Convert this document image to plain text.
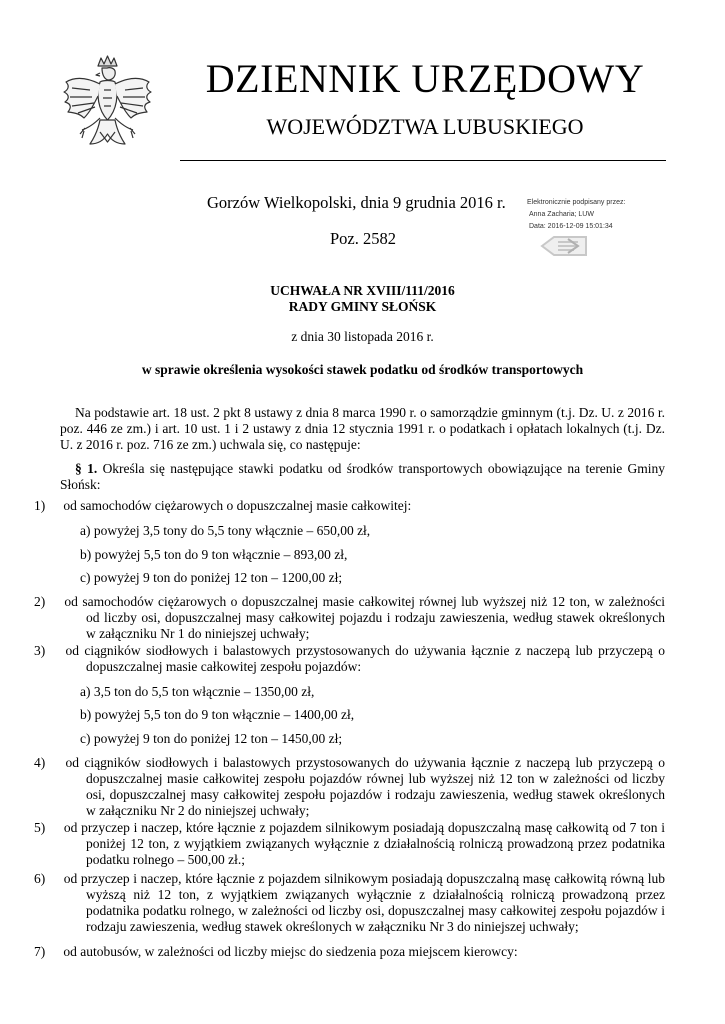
DZIENNIK URZĘDOWY
WOJEWÓDZTWA LUBUSKIEGO
Gorzów Wielkopolski, dnia 9 grudnia 2016 r.
Poz. 2582
Elektronicznie podpisany przez:
Anna Zacharia; LUW
Data: 2016-12-09 15:01:34
UCHWAŁA NR XVIII/111/2016
RADY GMINY SŁOŃSK
z dnia 30 listopada 2016 r.
w sprawie określenia wysokości stawek podatku od środków transportowych
Na podstawie art. 18 ust. 2 pkt 8 ustawy z dnia 8 marca 1990 r. o samorządzie gminnym (t.j. Dz. U. z 2016 r. poz. 446 ze zm.) i art. 10 ust. 1 i 2 ustawy z dnia 12 stycznia 1991 r. o podatkach i opłatach lokalnych (t.j. Dz. U. z 2016 r. poz. 716 ze zm.) uchwala się, co następuje:
§ 1. Określa się następujące stawki podatku od środków transportowych obowiązujące na terenie Gminy Słońsk:
1) od samochodów ciężarowych o dopuszczalnej masie całkowitej:
a) powyżej 3,5 tony do 5,5 tony włącznie – 650,00 zł,
b) powyżej 5,5 ton do 9 ton włącznie – 893,00 zł,
c) powyżej 9 ton do poniżej 12 ton – 1200,00 zł;
2) od samochodów ciężarowych o dopuszczalnej masie całkowitej równej lub wyższej niż 12 ton, w zależności od liczby osi, dopuszczalnej masy całkowitej pojazdu i rodzaju zawieszenia, według stawek określonych w załączniku Nr 1 do niniejszej uchwały;
3) od ciągników siodłowych i balastowych przystosowanych do używania łącznie z naczepą lub przyczepą o dopuszczalnej masie całkowitej zespołu pojazdów:
a) 3,5 ton do 5,5 ton włącznie – 1350,00 zł,
b) powyżej 5,5 ton do 9 ton włącznie – 1400,00 zł,
c) powyżej 9 ton do poniżej 12 ton – 1450,00 zł;
4) od ciągników siodłowych i balastowych przystosowanych do używania łącznie z naczepą lub przyczepą o dopuszczalnej masie całkowitej zespołu pojazdów równej lub wyższej niż 12 ton w zależności od liczby osi, dopuszczalnej masy całkowitej zespołu pojazdów i rodzaju zawieszenia, według stawek określonych w załączniku Nr 2 do niniejszej uchwały;
5) od przyczep i naczep, które łącznie z pojazdem silnikowym posiadają dopuszczalną masę całkowitą od 7 ton i poniżej 12 ton, z wyjątkiem związanych wyłącznie z działalnością rolniczą prowadzoną przez podatnika podatku rolnego – 500,00 zł.;
6) od przyczep i naczep, które łącznie z pojazdem silnikowym posiadają dopuszczalną masę całkowitą równą lub wyższą niż 12 ton, z wyjątkiem związanych wyłącznie z działalnością rolniczą prowadzoną przez podatnika podatku rolnego, w zależności od liczby osi, dopuszczalnej masy całkowitej zespołu pojazdów i rodzaju zawieszenia, według stawek określonych w załączniku Nr 3 do niniejszej uchwały;
7) od autobusów, w zależności od liczby miejsc do siedzenia poza miejscem kierowcy:
